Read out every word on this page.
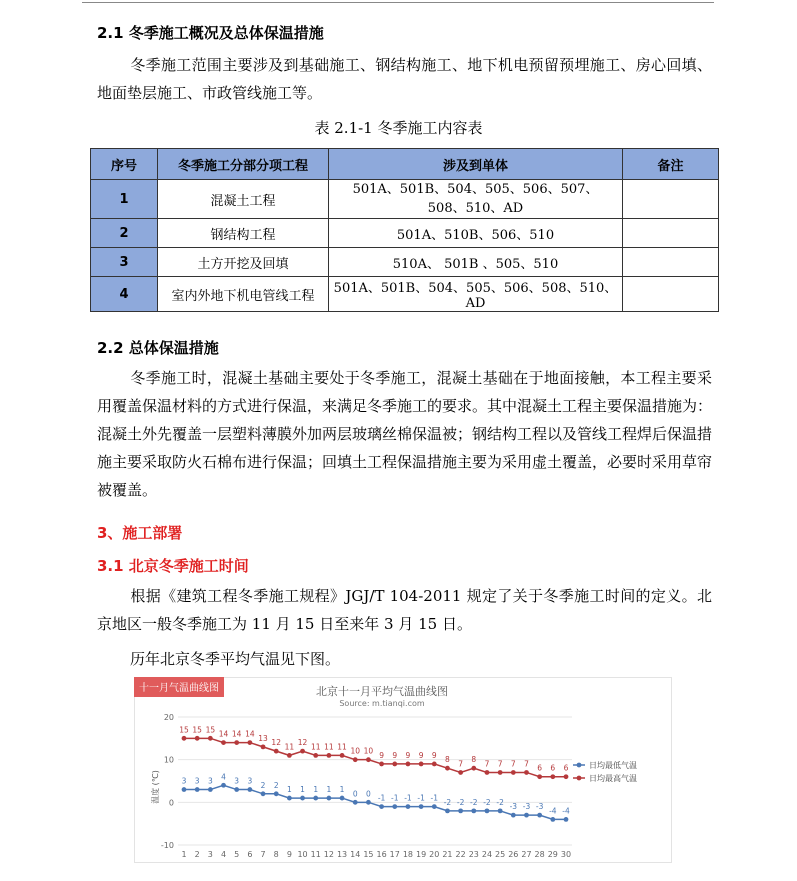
2.1 冬季施工概况及总体保温措施
冬季施工范围主要涉及到基础施工、钢结构施工、地下机电预留预埋施工、房心回填、地面垫层施工、市政管线施工等。
表 2.1-1 冬季施工内容表
序号	冬季施工分部分项工程	涉及到单体	备注
1	混凝土工程	501A、501B、504、505、506、507、508、510、AD	
2	钢结构工程	501A、510B、506、510	
3	土方开挖及回填	510A、 501B 、505、510	
4	室内外地下机电管线工程	501A、501B、504、505、506、508、510、AD	
2.2 总体保温措施
冬季施工时，混凝土基础主要处于冬季施工，混凝土基础在于地面接触，本工程主要采用覆盖保温材料的方式进行保温，来满足冬季施工的要求。其中混凝土工程主要保温措施为：混凝土外先覆盖一层塑料薄膜外加两层玻璃丝棉保温被；钢结构工程以及管线工程焊后保温措施主要采取防火石棉布进行保温；回填土工程保温措施主要为采用虚土覆盖，必要时采用草帘被覆盖。
3、施工部署
3.1 北京冬季施工时间
根据《建筑工程冬季施工规程》JGJ/T 104-2011 规定了关于冬季施工时间的定义。北京地区一般冬季施工为 11 月 15 日至来年 3 月 15 日。
历年北京冬季平均气温见下图。
十一月气温曲线图	北京十一月平均气温曲线图
Source: m.tianqi.com
温度 (℃)
-10
0
10
20
1 2 3 4 5 6 7 8 9 10 11 12 13 14 15 16 17 18 19 20 21 22 23 24 25 26 27 28 29 30
3 3 3 4 3 3 2 2 1 1 1 1 1 0 0 -1 -1 -1 -1 -1 -2 -2 -2 -2 -2 -3 -3 -3 -4 -4
15 15 15 14 14 14 13 12 11 12 11 11 11 10 10 9 9 9 9 9 8 7 8 7 7 7 7 6 6 6	日均最低气温
日均最高气温
